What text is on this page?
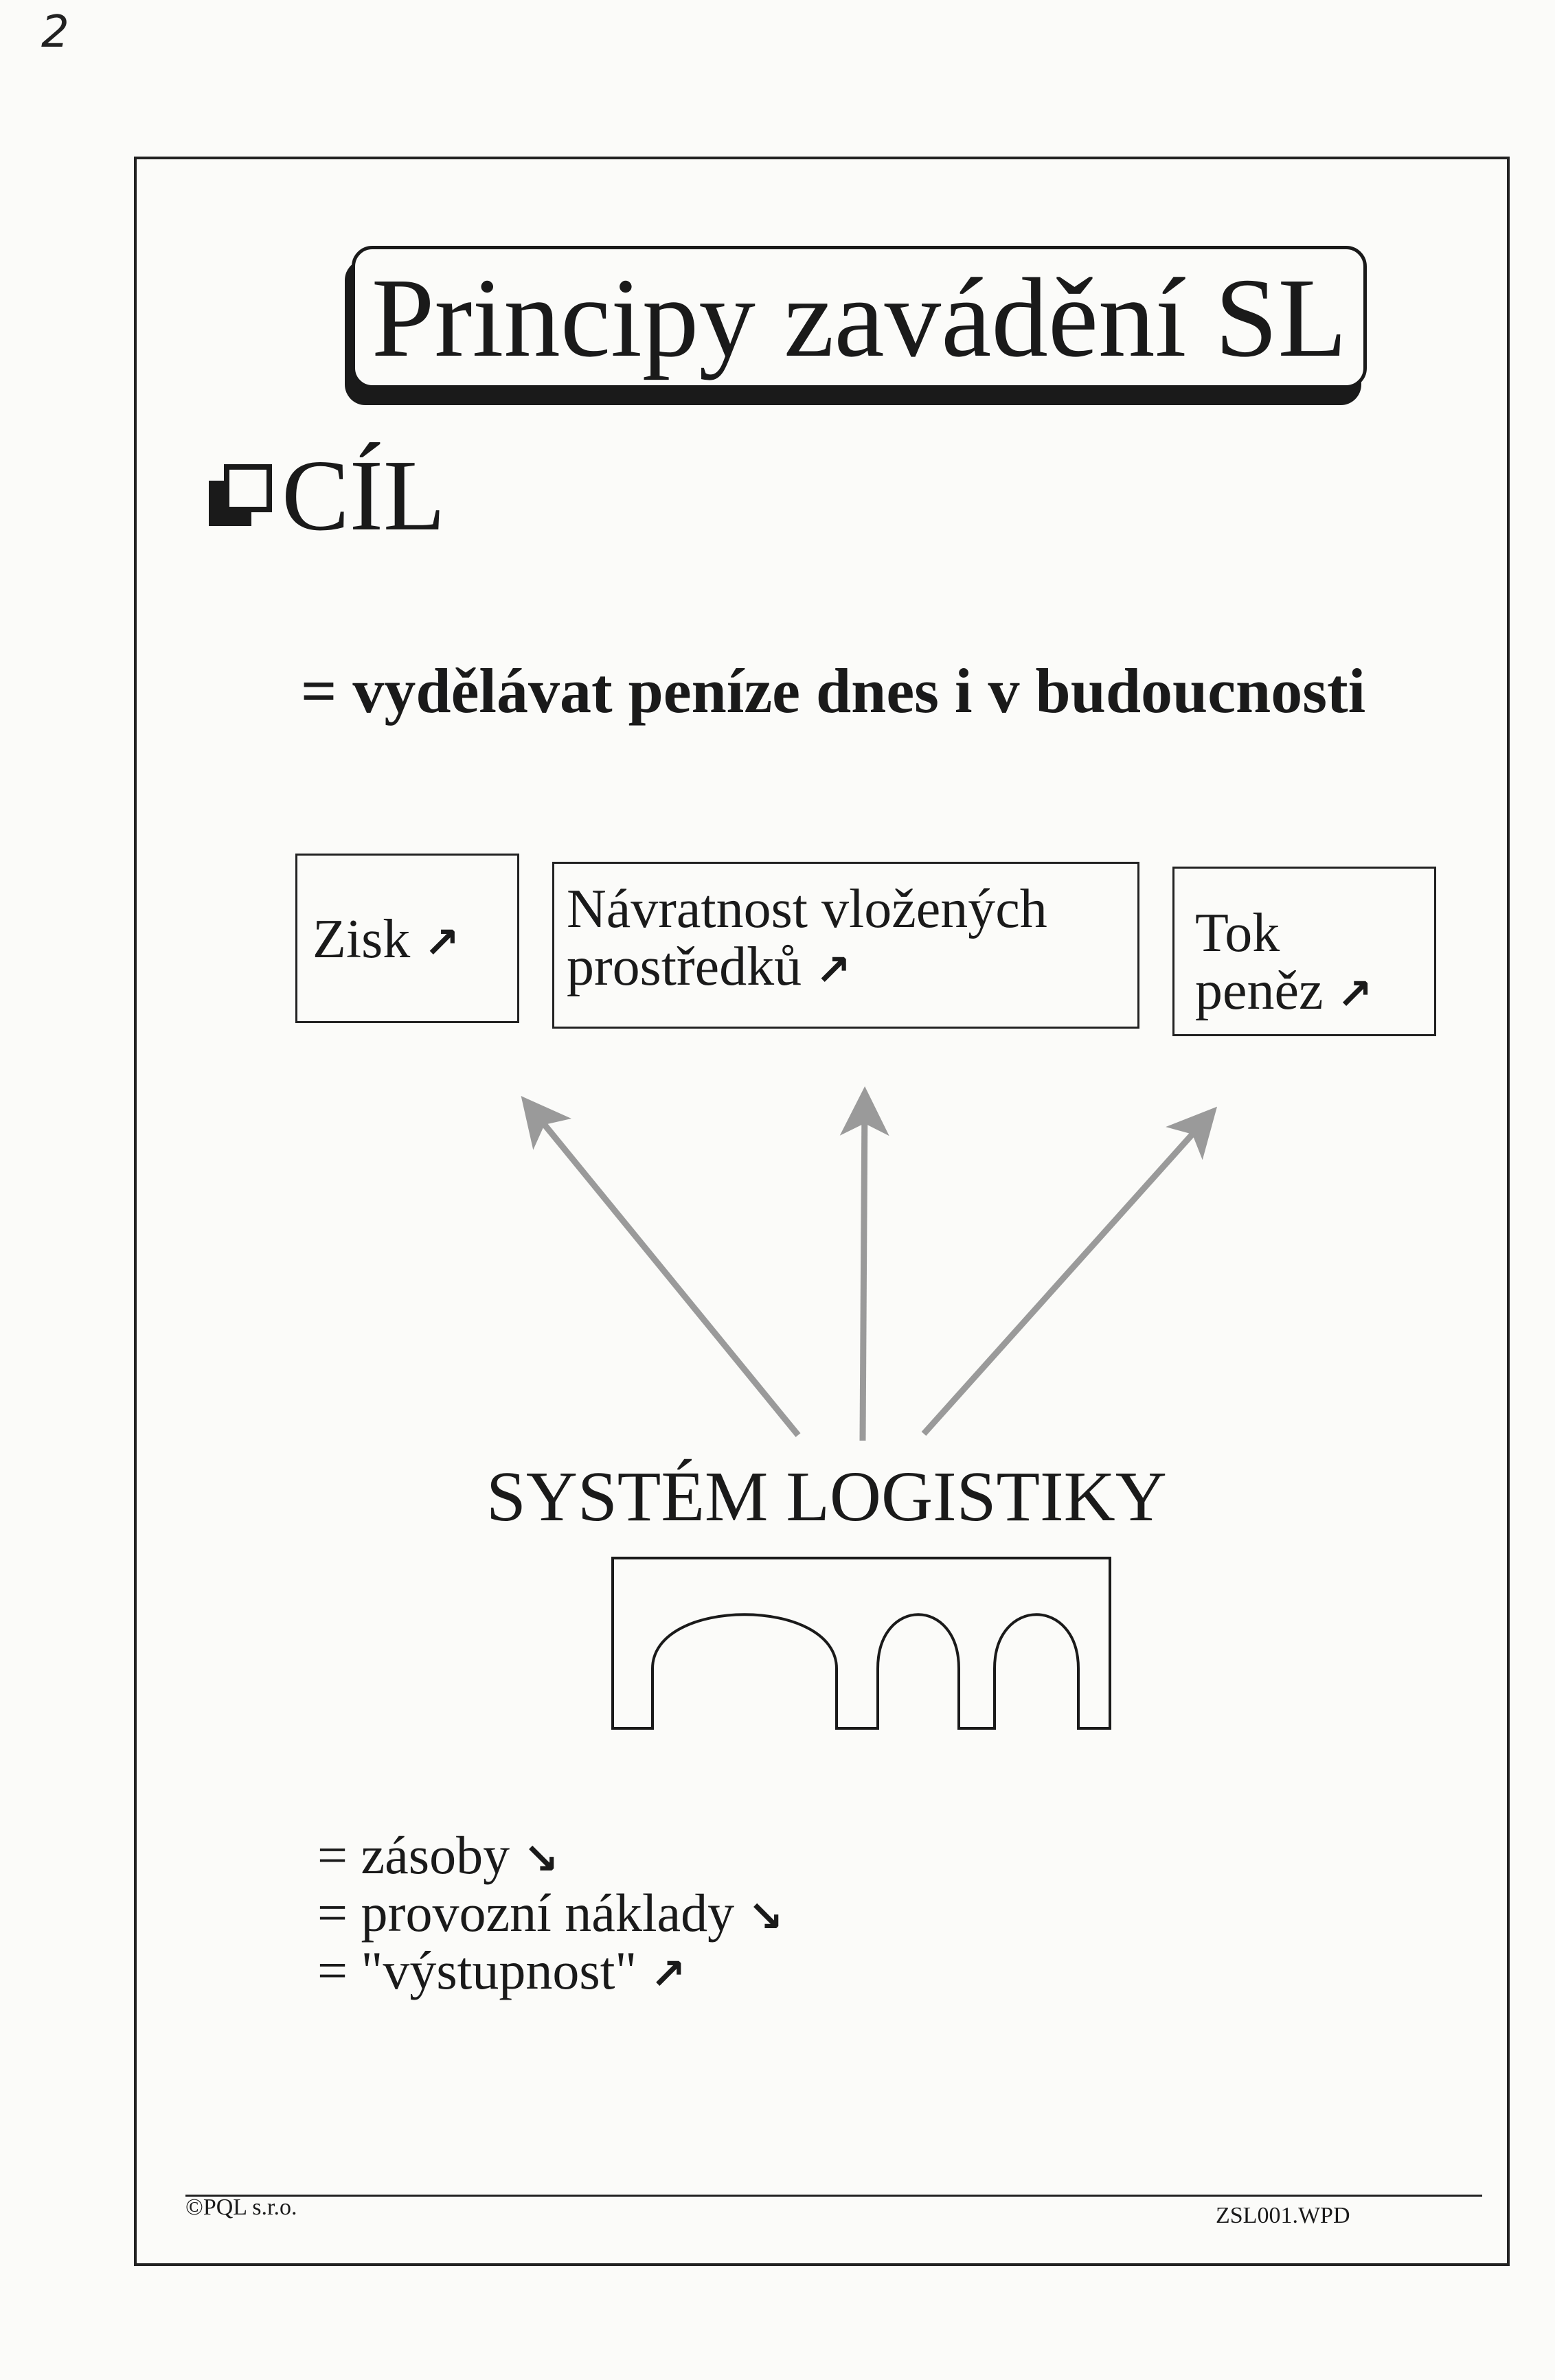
2
Principy zavádění SL
CÍL
= vydělávat peníze dnes i v budoucnosti
Zisk ↗
Návratnost vložených
prostředků ↗
Tok
peněz ↗
SYSTÉM LOGISTIKY
= zásoby ↘
= provozní náklady ↘
= "výstupnost" ↗
©PQL s.r.o.	ZSL001.WPD
